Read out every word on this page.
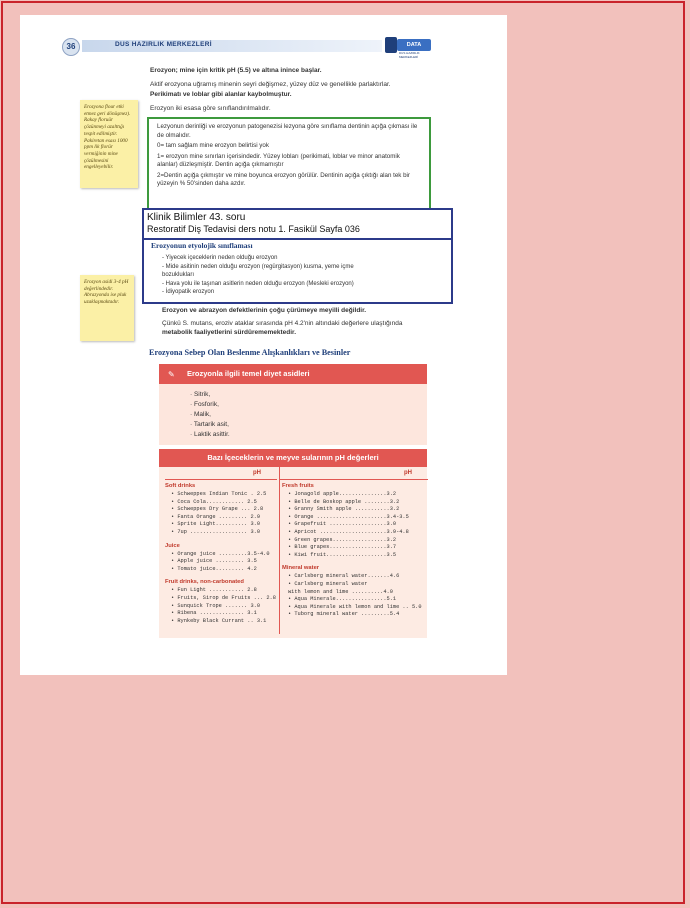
36	DUS HAZIRLIK MERKEZLERİ	DATA
DUS HAZIRLIK MERKEZLERİ
Erozyon; mine için kritik pH (5.5) ve altına inince başlar.
Aktif erozyona uğramış minenin seyri değişmez, yüzey düz ve genellikle parlaktırlar.
Perikimatı ve loblar gibi alanlar kaybolmuştur.
Erozyon iki esasa göre sınıflandırılmalıdır.

Erozyona flour etki etmez geri dönüşmez). Rakay floruür çözünmeyi azalttığı tespit edilmiştir. Pakiretan esası 1000 ppm lik florür vermiğinin mine çözülmesini engelleyebilir.

Erozyon asidi 3-4 pH değerlindedir. Abrazyonda ise pluk uzaklaşmaktadır.

Lezyonun derinliği ve erozyonun patogenezisi lezyona göre sınıflama dentinin açığa çıkması ile de olmalıdır.
0= tam sağlam mine erozyon belirtisi yok
1= erozyon mine sınırları içerisindedir. Yüzey lobları (perikimati, loblar ve minor anatomik alanlar) düzleşmiştir. Dentin açığa çıkmamıştır
2=Dentin açığa çıkmıştır ve mine boyunca erozyon görülür. Dentinin açığa çıktığı alan tek bir yüzeyin % 50'sinden daha azdır.
Klinik Bilimler 43. soru
Restoratif Diş Tedavisi ders notu 1. Fasikül Sayfa 036
Erozyonun etyolojik sınıflaması
- Yiyecek içeceklerin neden olduğu erozyon
- Mide asitinin neden olduğu erozyon (regürgitasyon) kusma, yeme içme
bozuklukları
- Hava yolu ile taşınan asitlerin neden olduğu erozyon (Mesleki erozyon)
- İdiyopatik erozyon
Erozyon ve abrazyon defektlerinin çoğu çürümeye meyilli değildir.
Çünkü S. mutans, eroziv ataklar sırasında pH 4.2'nin altındaki değerlere ulaştığında
metabolik faaliyetlerini sürdürememektedir.
Erozyona Sebep Olan Beslenme Alışkanlıkları ve Besinler
✎ Erozyonla ilgili temel diyet asidleri
· Sitrik,
· Fosforik,
· Malik,
· Tartarik asit,
· Laktik asittir.
Bazı İçeceklerin ve meyve sularının pH değerleri
pH
Soft drinks
• Schweppes Indian Tonic . 2.5
• Coca Cola............ 2.5
• Schweppes Dry Grape ... 2.8
• Fanta Orange ......... 2.9
• Sprite Light.......... 3.0
• 7up .................. 3.0
Juice
• Orange juice .........3.5-4.0
• Apple juice ......... 3.5
• Tomato juice......... 4.2
Fruit drinks, non-carbonated
• Fun Light ........... 2.8
• Fruits, Sirop de Fruits ... 2.8
• Sunquick Trope ....... 3.0
• Ribena .............. 3.1
• Rynkeby Black Currant .. 3.1
pH
Fresh fruits
• Jonagold apple...............3.2
• Belle de Boskop apple ........3.2
• Granny Smith apple ...........3.2
• Orange ......................3.4-3.5
• Grapefruit ..................3.0
• Apricot .....................3.9-4.8
• Green grapes.................3.2
• Blue grapes..................3.7
• Kiwi fruit...................3.5
Mineral water
• Carlsberg mineral water.......4.6
• Carlsberg mineral water
with lemon and lime ..........4.0
• Aqua Minerale................5.1
• Aqua Minerale with lemon and lime .. 5.0
• Tuborg mineral water .........5.4
